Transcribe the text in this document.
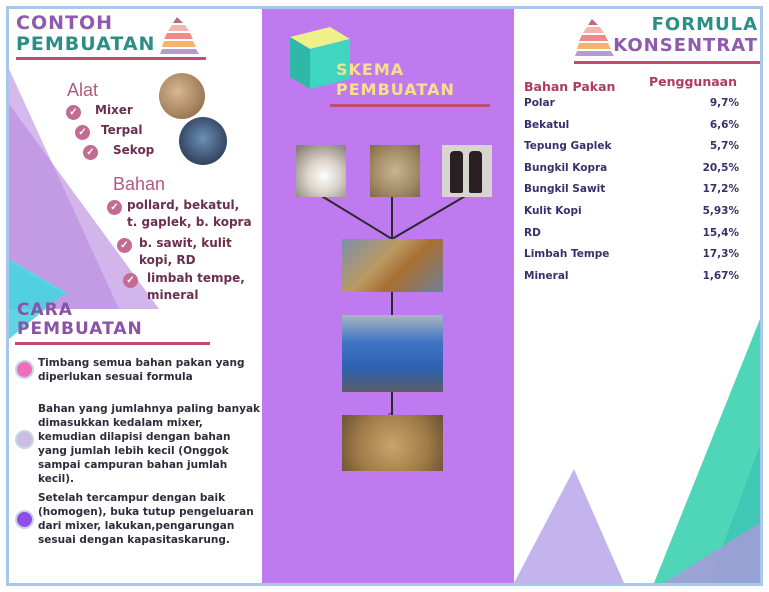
CONTOH
PEMBUATAN
Alat
✓ Mixer
✓ Terpal
✓ Sekop
Bahan
✓ pollard, bekatul, t. gaplek, b. kopra
✓ b. sawit, kulit kopi, RD
✓ limbah tempe, mineral
CARA
PEMBUATAN
Timbang semua bahan pakan yang diperlukan sesuai formula
Bahan yang jumlahnya paling banyak dimasukkan kedalam mixer, kemudian dilapisi dengan bahan yang jumlah lebih kecil (Onggok sampai campuran bahan jumlah kecil).
Setelah tercampur dengan baik (homogen), buka tutup pengeluaran dari mixer, lakukan,pengarungan sesuai dengan kapasitaskarung.
SKEMA
PEMBUATAN
FORMULA
KONSENTRAT
Bahan Pakan	Penggunaan
Polar	9,7%
Bekatul	6,6%
Tepung Gaplek	5,7%
Bungkil Kopra	20,5%
Bungkil Sawit	17,2%
Kulit Kopi	5,93%
RD	15,4%
Limbah Tempe	17,3%
Mineral	1,67%
